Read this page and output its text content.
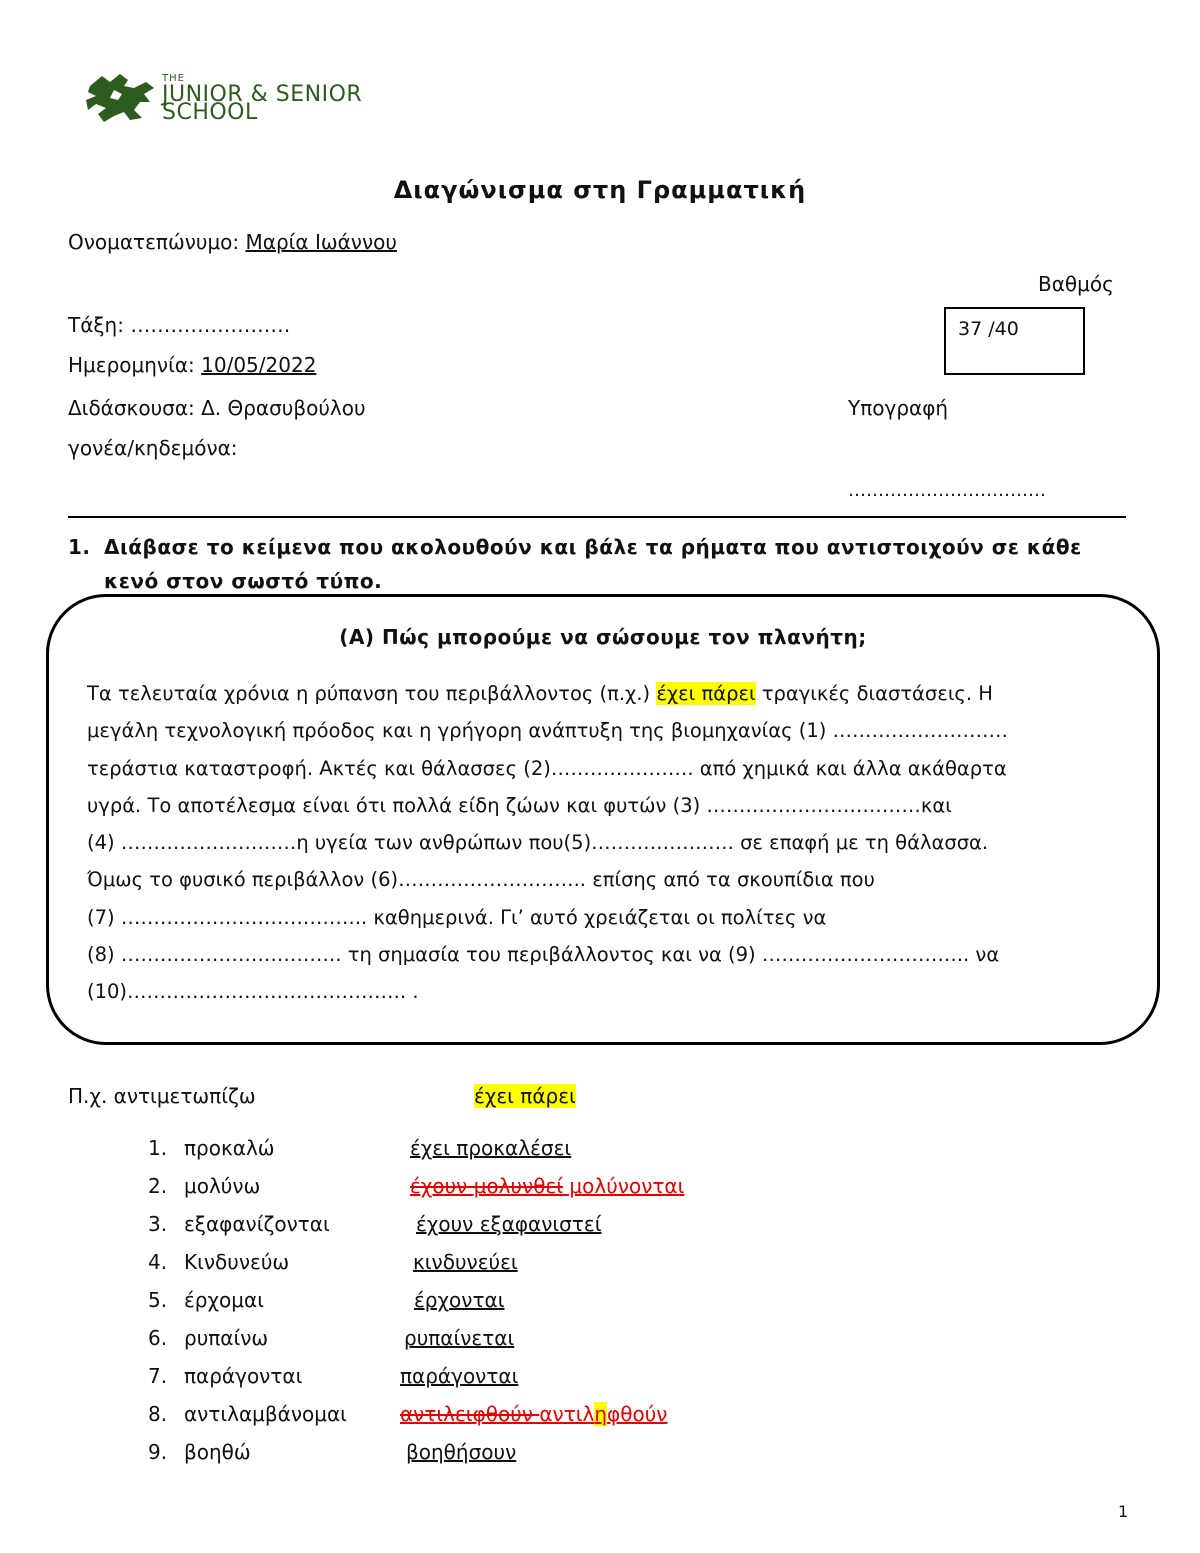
THE
JUNIOR & SENIOR
SCHOOL
Διαγώνισμα στη Γραμματική
Ονοματεπώνυμο: Μαρία Ιωάννου
Βαθμός
37 /40
Τάξη: ……………………
Ημερομηνία: 10/05/2022
Διδάσκουσα: Δ. Θρασυβούλου	Υπογραφή
γονέα/κηδεμόνα:
……………………………
1. Διάβασε το κείμενα που ακολουθούν και βάλε τα ρήματα που αντιστοιχούν σε κάθε
κενό στον σωστό τύπο.
(Α) Πώς μπορούμε να σώσουμε τον πλανήτη;
Τα τελευταία χρόνια η ρύπανση του περιβάλλοντος (π.χ.) έχει πάρει τραγικές διαστάσεις. Η
μεγάλη τεχνολογική πρόοδος και η γρήγορη ανάπτυξη της βιομηχανίας (1) ………………………
τεράστια καταστροφή. Ακτές και θάλασσες (2)…………………. από χημικά και άλλα ακάθαρτα
υγρά. Το αποτέλεσμα είναι ότι πολλά είδη ζώων και φυτών (3) ……………………………και
(4) ………………………η υγεία των ανθρώπων που(5)…………………. σε επαφή με τη θάλασσα.
Όμως το φυσικό περιβάλλον (6)……………………….. επίσης από τα σκουπίδια που
(7) ……………………………….. καθημερινά. Γι’ αυτό χρειάζεται οι πολίτες να
(8) ……………………………. τη σημασία του περιβάλλοντος και να (9) ………………………….. να
(10)……………………………………. .
Π.χ. αντιμετωπίζω	έχει πάρει
1. προκαλώ	έχει προκαλέσει
2. μολύνω	έχουν μολυνθεί μολύνονται
3. εξαφανίζονται	έχουν εξαφανιστεί
4. Κινδυνεύω	κινδυνεύει
5. έρχομαι	έρχονται
6. ρυπαίνω	ρυπαίνεται
7. παράγονται	παράγονται
8. αντιλαμβάνομαι	αντιλειφθούν αντιληφθούν
9. βοηθώ	βοηθήσουν
1
